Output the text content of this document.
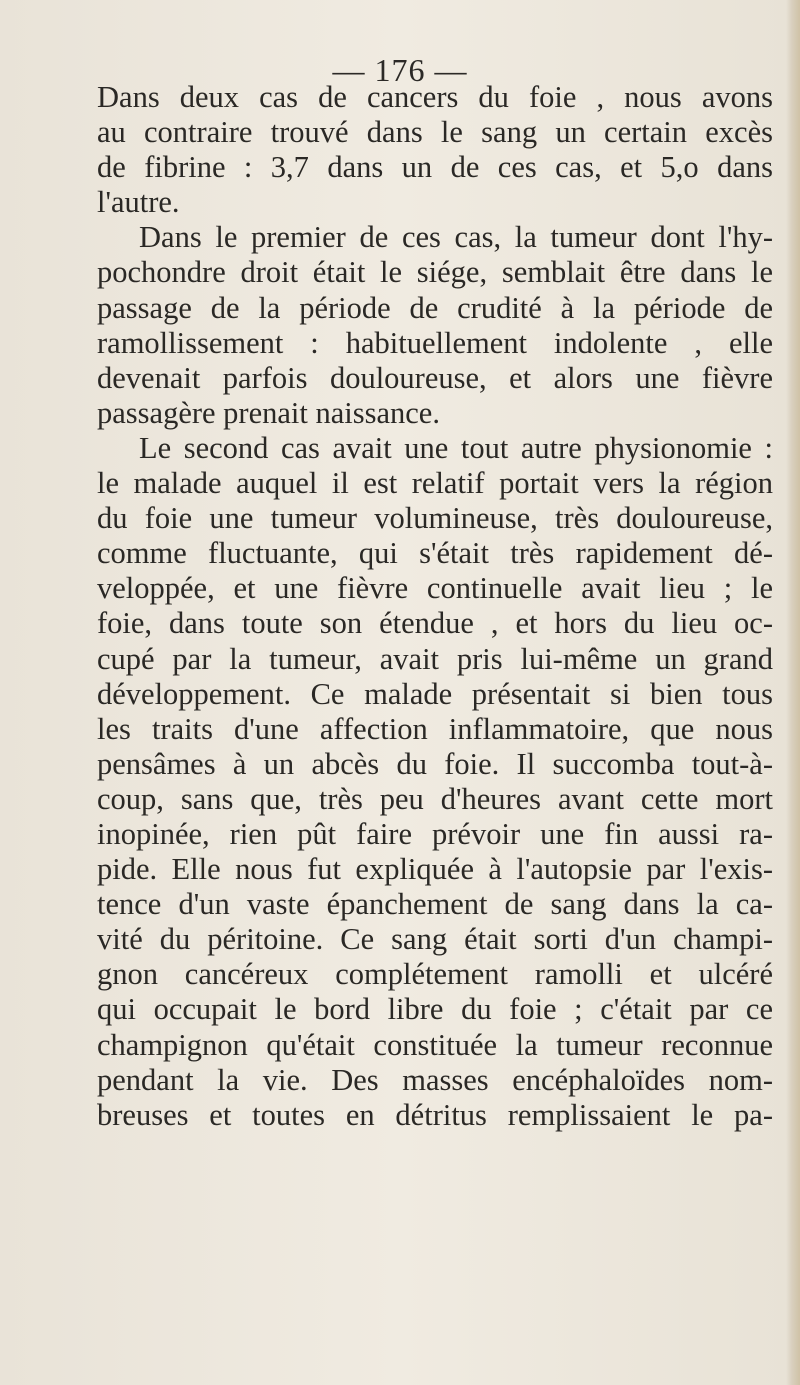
— 176 —
Dans deux cas de cancers du foie , nous avons
au contraire trouvé dans le sang un certain excès
de fibrine : 3,7 dans un de ces cas, et 5,o dans
l'autre.
Dans le premier de ces cas, la tumeur dont l'hy-
pochondre droit était le siége, semblait être dans le
passage de la période de crudité à la période de
ramollissement : habituellement indolente , elle
devenait parfois douloureuse, et alors une fièvre
passagère prenait naissance.
Le second cas avait une tout autre physionomie :
le malade auquel il est relatif portait vers la région
du foie une tumeur volumineuse, très douloureuse,
comme fluctuante, qui s'était très rapidement dé-
veloppée, et une fièvre continuelle avait lieu ; le
foie, dans toute son étendue , et hors du lieu oc-
cupé par la tumeur, avait pris lui-même un grand
développement. Ce malade présentait si bien tous
les traits d'une affection inflammatoire, que nous
pensâmes à un abcès du foie. Il succomba tout-à-
coup, sans que, très peu d'heures avant cette mort
inopinée, rien pût faire prévoir une fin aussi ra-
pide. Elle nous fut expliquée à l'autopsie par l'exis-
tence d'un vaste épanchement de sang dans la ca-
vité du péritoine. Ce sang était sorti d'un champi-
gnon cancéreux complétement ramolli et ulcéré
qui occupait le bord libre du foie ; c'était par ce
champignon qu'était constituée la tumeur reconnue
pendant la vie. Des masses encéphaloïdes nom-
breuses et toutes en détritus remplissaient le pa-
